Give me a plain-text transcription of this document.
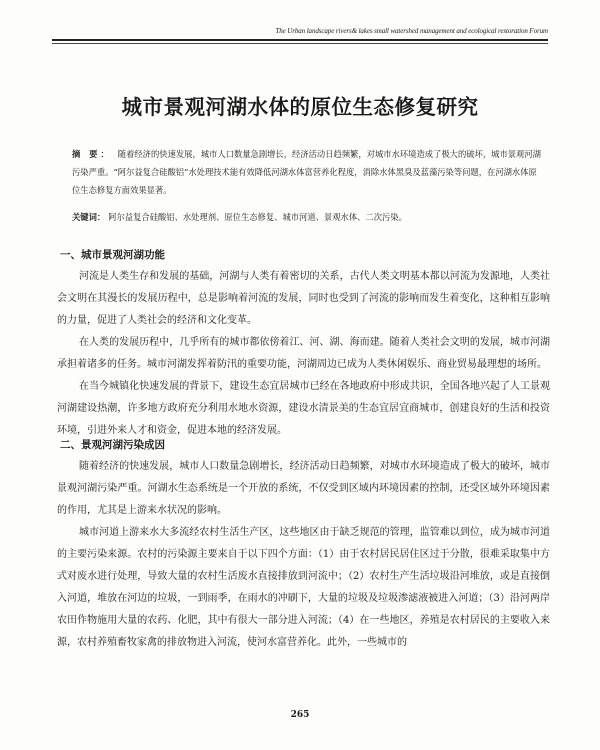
The Urban landscape rivers& lakes small watershed management and ecological restoration Forum
城市景观河湖水体的原位生态修复研究
摘 要： 随着经济的快速发展，城市人口数量急剧增长，经济活动日趋频繁，对城市水环境造成了极大的破坏，城市景观河湖污染严重。“阿尔益复合硅酸铝”水处理技术能有效降低河湖水体富营养化程度，消除水体黑臭及蓝藻污染等问题，在河湖水体原位生态修复方面效果显著。
关键词： 阿尔益复合硅酸铝、水处理剂、原位生态修复、城市河道、景观水体、二次污染。
一、城市景观河湖功能

河流是人类生存和发展的基础，河湖与人类有着密切的关系，古代人类文明基本都以河流为发源地，人类社会文明在其漫长的发展历程中，总是影响着河流的发展，同时也受到了河流的影响而发生着变化，这种相互影响的力量，促进了人类社会的经济和文化变革。

在人类的发展历程中，几乎所有的城市都依傍着江、河、湖、海而建。随着人类社会文明的发展，城市河湖承担着诸多的任务。城市河湖发挥着防汛的重要功能，河湖周边已成为人类休闲娱乐、商业贸易最理想的场所。

在当今城镇化快速发展的背景下，建设生态宜居城市已经在各地政府中形成共识，全国各地兴起了人工景观河湖建设热潮，许多地方政府充分利用水地水资源，建设水清景美的生态宜居宜商城市，创建良好的生活和投资环境，引进外来人才和资金，促进本地的经济发展。

二、景观河湖污染成因

随着经济的快速发展，城市人口数量急剧增长，经济活动日趋频繁，对城市水环境造成了极大的破坏，城市景观河湖污染严重。河湖水生态系统是一个开放的系统，不仅受到区域内环境因素的控制，还受区域外环境因素的作用，尤其是上游来水状况的影响。

城市河道上游来水大多流经农村生活生产区，这些地区由于缺乏规范的管理，监管难以到位，成为城市河道的主要污染来源。农村的污染源主要来自于以下四个方面：（1）由于农村居民居住区过于分散，很难采取集中方式对废水进行处理，导致大量的农村生活废水直接排放到河流中；（2）农村生产生活垃圾沿河堆放，或是直接倒入河道，堆放在河边的垃圾，一到雨季，在雨水的冲刷下，大量的垃圾及垃圾渗滤液被进入河道；（3）沿河两岸农田作物施用大量的农药、化肥，其中有很大一部分进入河流；（4）在一些地区，养殖是农村居民的主要收入来源，农村养殖畜牧家禽的排放物进入河流，使河水富营养化。此外，一些城市的

265
